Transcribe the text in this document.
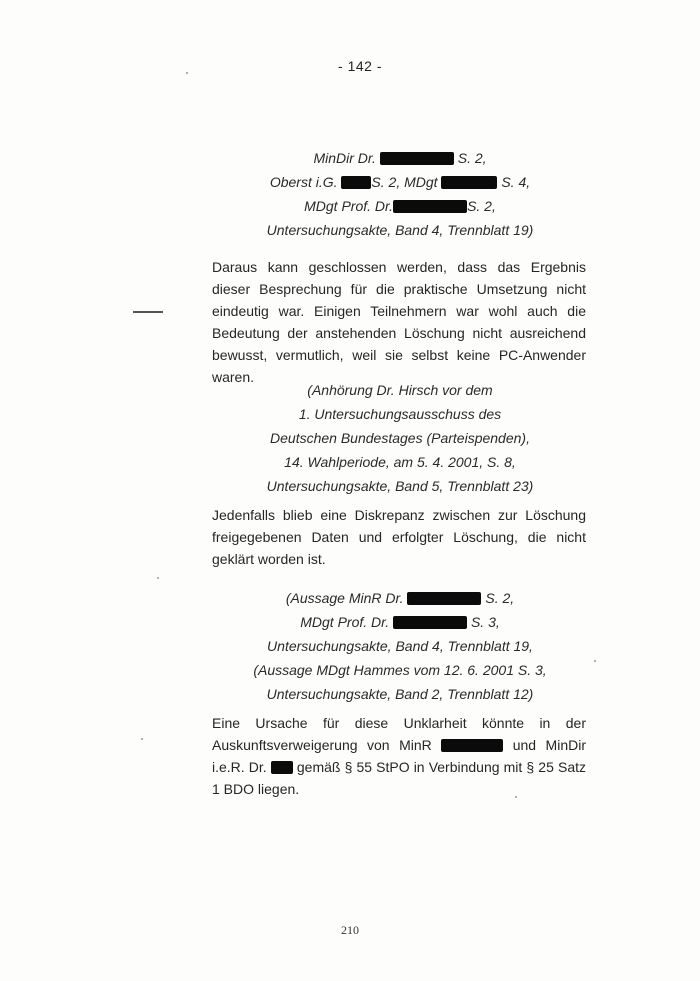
- 142 -
MinDir Dr.	S. 2,
Oberst i.G. S. 2, MDgt	S. 4,
MDgt Prof. Dr.	S. 2,
Untersuchungsakte, Band 4, Trennblatt 19)
Daraus kann geschlossen werden, dass das Ergebnis dieser Besprechung für die praktische Umsetzung nicht eindeutig war. Einigen Teilnehmern war wohl auch die Bedeutung der anstehenden Löschung nicht ausreichend bewusst, vermutlich, weil sie selbst keine PC-Anwender waren.
(Anhörung Dr. Hirsch vor dem
1. Untersuchungsausschuss des
Deutschen Bundestages (Parteispenden),
14. Wahlperiode, am 5. 4. 2001, S. 8,
Untersuchungsakte, Band 5, Trennblatt 23)
Jedenfalls blieb eine Diskrepanz zwischen zur Löschung freigegebenen Daten und erfolgter Löschung, die nicht geklärt worden ist.
(Aussage MinR Dr.	S. 2,
MDgt Prof. Dr.	S. 3,
Untersuchungsakte, Band 4, Trennblatt 19,
(Aussage MDgt Hammes vom 12. 6. 2001 S. 3,
Untersuchungsakte, Band 2, Trennblatt 12)
Eine Ursache für diese Unklarheit könnte in der Auskunftsverweigerung von MinR	und MinDir i.e.R. Dr. gemäß § 55 StPO in Verbindung mit § 25 Satz 1 BDO liegen.
210
